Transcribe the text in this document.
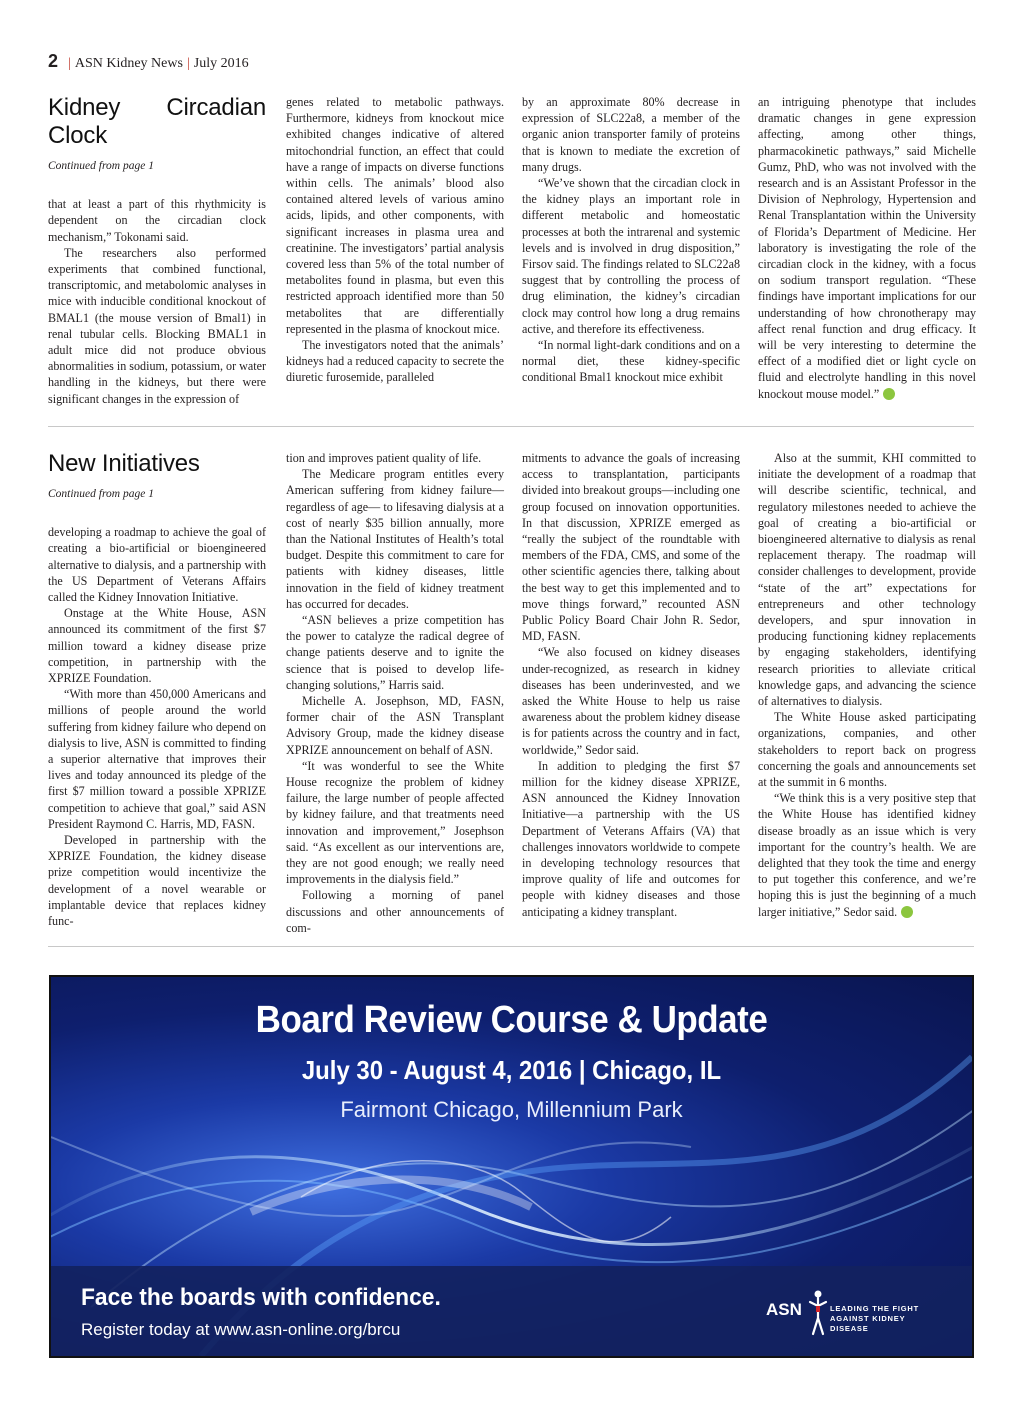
2 | ASN Kidney News | July 2016
Kidney Circadian Clock
Continued from page 1

that at least a part of this rhythmicity is dependent on the circadian clock mechanism,” Tokonami said.

The researchers also performed experiments that combined functional, transcriptomic, and metabolomic analyses in mice with inducible conditional knockout of BMAL1 (the mouse version of Bmal1) in renal tubular cells. Blocking BMAL1 in adult mice did not produce obvious abnormalities in sodium, potassium, or water handling in the kidneys, but there were significant changes in the expression of

genes related to metabolic pathways. Furthermore, kidneys from knockout mice exhibited changes indicative of altered mitochondrial function, an effect that could have a range of impacts on diverse functions within cells. The animals’ blood also contained altered levels of various amino acids, lipids, and other components, with significant increases in plasma urea and creatinine. The investigators’ partial analysis covered less than 5% of the total number of metabolites found in plasma, but even this restricted approach identified more than 50 metabolites that are differentially represented in the plasma of knockout mice.

The investigators noted that the animals’ kidneys had a reduced capacity to secrete the diuretic furosemide, paralleled

by an approximate 80% decrease in expression of SLC22a8, a member of the organic anion transporter family of proteins that is known to mediate the excretion of many drugs.

“We’ve shown that the circadian clock in the kidney plays an important role in different metabolic and homeostatic processes at both the intrarenal and systemic levels and is involved in drug disposition,” Firsov said. The findings related to SLC22a8 suggest that by controlling the process of drug elimination, the kidney’s circadian clock may control how long a drug remains active, and therefore its effectiveness.

“In normal light-dark conditions and on a normal diet, these kidney-specific conditional Bmal1 knockout mice exhibit

an intriguing phenotype that includes dramatic changes in gene expression affecting, among other things, pharmacokinetic pathways,” said Michelle Gumz, PhD, who was not involved with the research and is an Assistant Professor in the Division of Nephrology, Hypertension and Renal Transplantation within the University of Florida’s Department of Medicine. Her laboratory is investigating the role of the circadian clock in the kidney, with a focus on sodium transport regulation. “These findings have important implications for our understanding of how chronotherapy may affect renal function and drug efficacy. It will be very interesting to determine the effect of a modified diet or light cycle on fluid and electrolyte handling in this novel knockout mouse model.”

New Initiatives
Continued from page 1

developing a roadmap to achieve the goal of creating a bio-artificial or bioengineered alternative to dialysis, and a partnership with the US Department of Veterans Affairs called the Kidney Innovation Initiative.

Onstage at the White House, ASN announced its commitment of the first $7 million toward a kidney disease prize competition, in partnership with the XPRIZE Foundation.

“With more than 450,000 Americans and millions of people around the world suffering from kidney failure who depend on dialysis to live, ASN is committed to finding a superior alternative that improves their lives and today announced its pledge of the first $7 million toward a possible XPRIZE competition to achieve that goal,” said ASN President Raymond C. Harris, MD, FASN.

Developed in partnership with the XPRIZE Foundation, the kidney disease prize competition would incentivize the development of a novel wearable or implantable device that replaces kidney func-

tion and improves patient quality of life.

The Medicare program entitles every American suffering from kidney failure—regardless of age— to lifesaving dialysis at a cost of nearly $35 billion annually, more than the National Institutes of Health’s total budget. Despite this commitment to care for patients with kidney diseases, little innovation in the field of kidney treatment has occurred for decades.

“ASN believes a prize competition has the power to catalyze the radical degree of change patients deserve and to ignite the science that is poised to develop life-changing solutions,” Harris said.

Michelle A. Josephson, MD, FASN, former chair of the ASN Transplant Advisory Group, made the kidney disease XPRIZE announcement on behalf of ASN.

“It was wonderful to see the White House recognize the problem of kidney failure, the large number of people affected by kidney failure, and that treatments need innovation and improvement,” Josephson said. “As excellent as our interventions are, they are not good enough; we really need improvements in the dialysis field.”

Following a morning of panel discussions and other announcements of com-

mitments to advance the goals of increasing access to transplantation, participants divided into breakout groups—including one group focused on innovation opportunities. In that discussion, XPRIZE emerged as “really the subject of the roundtable with members of the FDA, CMS, and some of the other scientific agencies there, talking about the best way to get this implemented and to move things forward,” recounted ASN Public Policy Board Chair John R. Sedor, MD, FASN.

“We also focused on kidney diseases under-recognized, as research in kidney diseases has been underinvested, and we asked the White House to help us raise awareness about the problem kidney disease is for patients across the country and in fact, worldwide,” Sedor said.

In addition to pledging the first $7 million for the kidney disease XPRIZE, ASN announced the Kidney Innovation Initiative—a partnership with the US Department of Veterans Affairs (VA) that challenges innovators worldwide to compete in developing technology resources that improve quality of life and outcomes for people with kidney diseases and those anticipating a kidney transplant.

Also at the summit, KHI committed to initiate the development of a roadmap that will describe scientific, technical, and regulatory milestones needed to achieve the goal of creating a bio-artificial or bioengineered alternative to dialysis as renal replacement therapy. The roadmap will consider challenges to development, provide “state of the art” expectations for entrepreneurs and other technology developers, and spur innovation in producing functioning kidney replacements by engaging stakeholders, identifying research priorities to alleviate critical knowledge gaps, and advancing the science of alternatives to dialysis.

The White House asked participating organizations, companies, and other stakeholders to report back on progress concerning the goals and announcements set at the summit in 6 months.

“We think this is a very positive step that the White House has identified kidney disease broadly as an issue which is very important for the country’s health. We are delighted that they took the time and energy to put together this conference, and we’re hoping this is just the beginning of a much larger initiative,” Sedor said.

Board Review Course & Update
July 30 - August 4, 2016 | Chicago, IL
Fairmont Chicago, Millennium Park
Face the boards with confidence.
Register today at www.asn-online.org/brcu
ASN	LEADING THE FIGHT
AGAINST KIDNEY DISEASE
